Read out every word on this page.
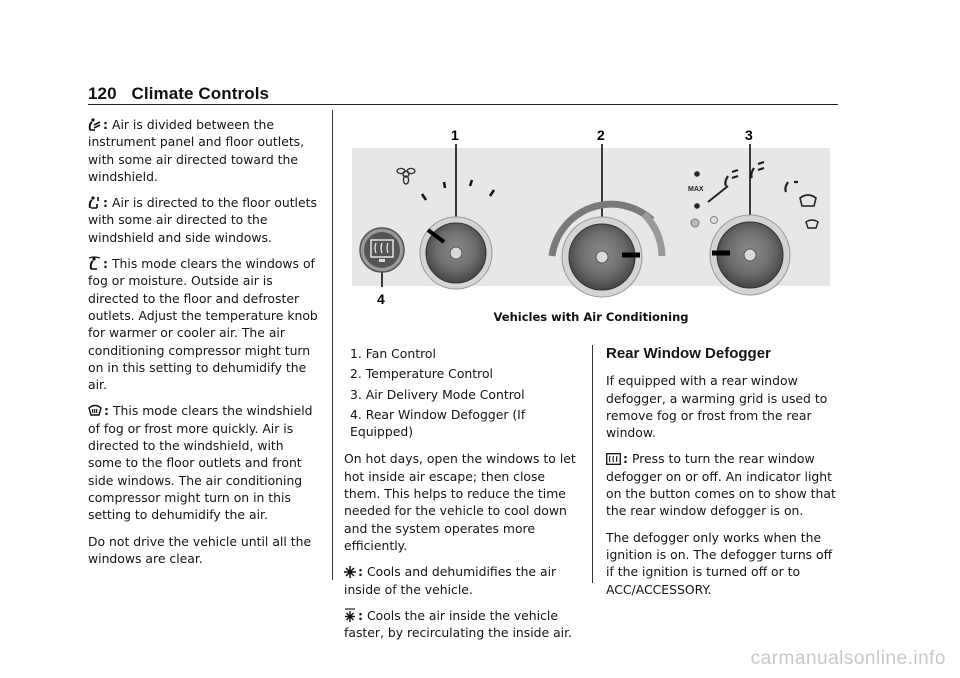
120 Climate Controls

: Air is divided between the instrument panel and floor outlets, with some air directed toward the windshield.

: Air is directed to the floor outlets with some air directed to the windshield and side windows.

: This mode clears the windows of fog or moisture. Outside air is directed to the floor and defroster outlets. Adjust the temperature knob for warmer or cooler air. The air conditioning compressor might turn on in this setting to dehumidify the air.

: This mode clears the windshield of fog or frost more quickly. Air is directed to the windshield, with some to the floor outlets and front side windows. The air conditioning compressor might turn on in this setting to dehumidify the air.

Do not drive the vehicle until all the windows are clear.

MAX
1	2	3
4
Vehicles with Air Conditioning
1. Fan Control
2. Temperature Control
3. Air Delivery Mode Control
4. Rear Window Defogger (If Equipped)

On hot days, open the windows to let hot inside air escape; then close them. This helps to reduce the time needed for the vehicle to cool down and the system operates more efficiently.

: Cools and dehumidifies the air inside of the vehicle.

: Cools the air inside the vehicle faster, by recirculating the inside air.

Rear Window Defogger

If equipped with a rear window defogger, a warming grid is used to remove fog or frost from the rear window.

: Press to turn the rear window defogger on or off. An indicator light on the button comes on to show that the rear window defogger is on.

The defogger only works when the ignition is on. The defogger turns off if the ignition is turned off or to ACC/ACCESSORY.

carmanualsonline.info
